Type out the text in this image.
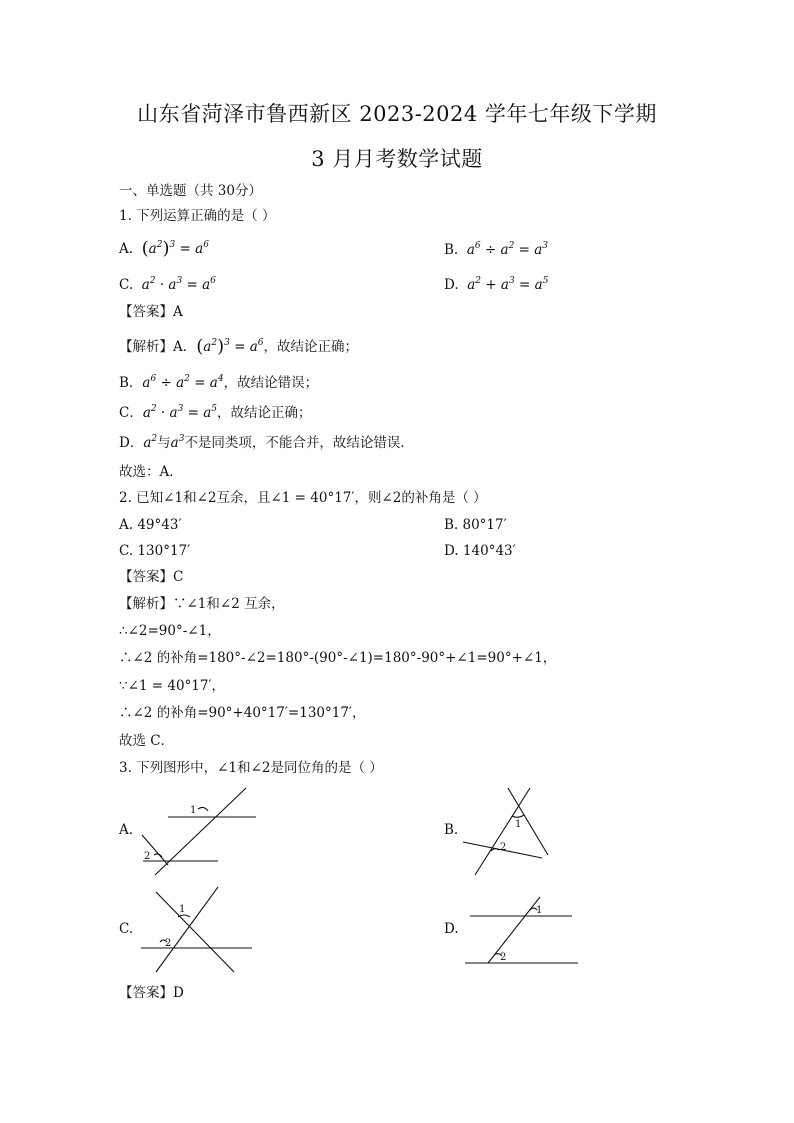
山东省菏泽市鲁西新区 2023-2024 学年七年级下学期
3 月月考数学试题
一、单选题（共 30分）
1. 下列运算正确的是（ ）
A. $(a^2)^3 = a^6$	B. $a^6 \div a^2 = a^3$
C. $a^2 \cdot a^3 = a^6$	D. $a^2 + a^3 = a^5$
【答案】A
【解析】A．$(a^2)^3 = a^6$，故结论正确；
B．$a^6 \div a^2 = a^4$，故结论错误；
C．$a^2 \cdot a^3 = a^5$，故结论正确；
D．$a^2$与$a^3$不是同类项，不能合并，故结论错误．
故选：A．
2. 已知∠1和∠2互余，且∠1 = 40°17′，则∠2的补角是（ ）
A. 49°43′	B. 80°17′
C. 130°17′	D. 140°43′
【答案】C
【解析】∵∠1和∠2 互余，
∴∠2=90°-∠1，
∴∠2 的补角=180°-∠2=180°-(90°-∠1)=180°-90°+∠1=90°+∠1，
∵∠1 = 40°17′，
∴∠2 的补角=90°+40°17′=130°17′，
故选 C．
3. 下列图形中，∠1和∠2是同位角的是（ ）
A.
1
2
B.	1
2
C.
1
2
D.
1
2
【答案】D
